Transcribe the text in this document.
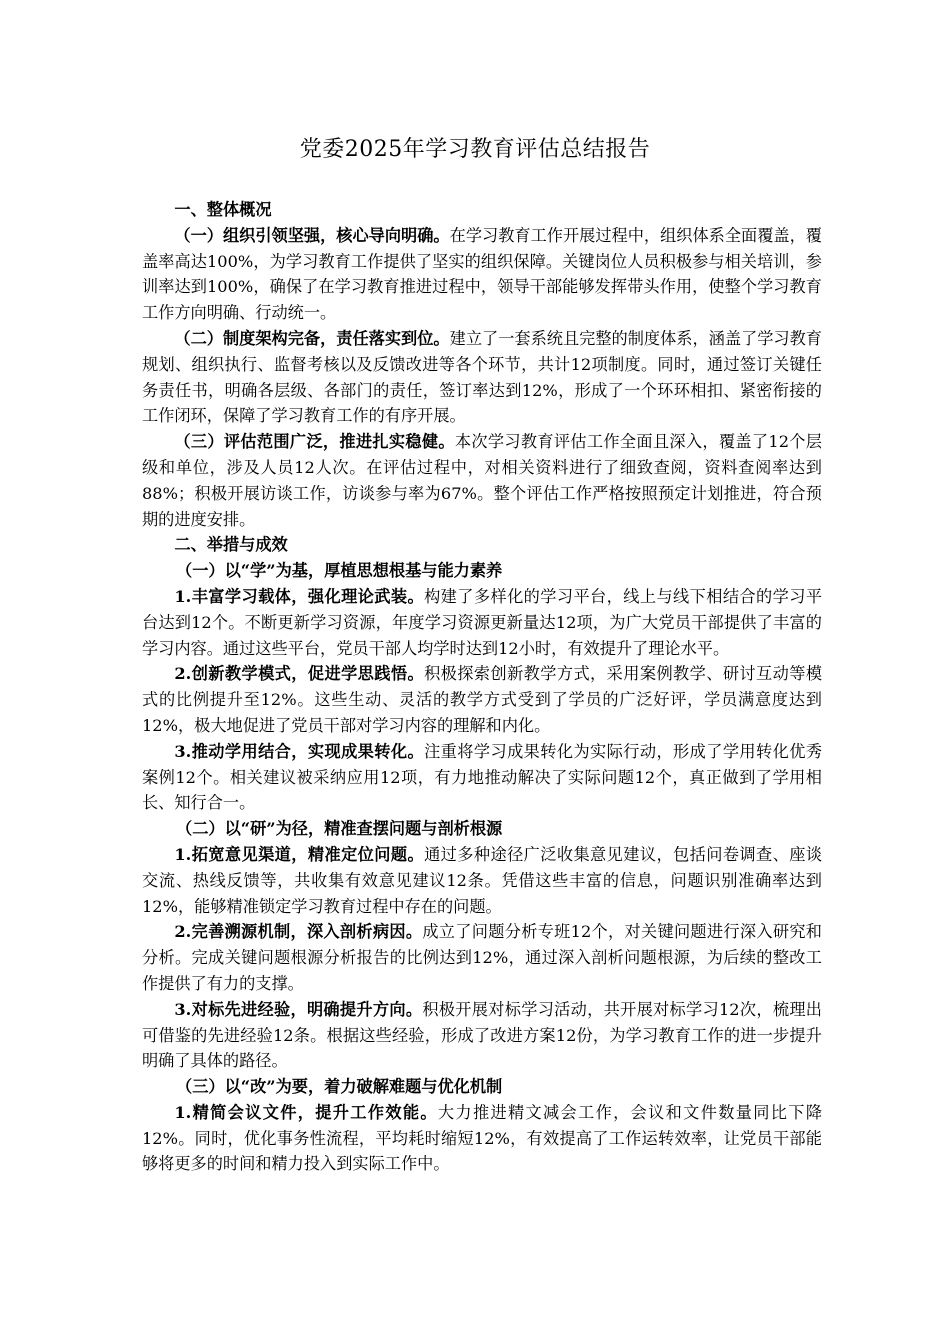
党委2025年学习教育评估总结报告

一、整体概况

（一）组织引领坚强，核心导向明确。在学习教育工作开展过程中，组织体系全面覆盖，覆盖率高达100%，为学习教育工作提供了坚实的组织保障。关键岗位人员积极参与相关培训，参训率达到100%，确保了在学习教育推进过程中，领导干部能够发挥带头作用，使整个学习教育工作方向明确、行动统一。

（二）制度架构完备，责任落实到位。建立了一套系统且完整的制度体系，涵盖了学习教育规划、组织执行、监督考核以及反馈改进等各个环节，共计12项制度。同时，通过签订关键任务责任书，明确各层级、各部门的责任，签订率达到12%，形成了一个环环相扣、紧密衔接的工作闭环，保障了学习教育工作的有序开展。

（三）评估范围广泛，推进扎实稳健。本次学习教育评估工作全面且深入，覆盖了12个层级和单位，涉及人员12人次。在评估过程中，对相关资料进行了细致查阅，资料查阅率达到88%；积极开展访谈工作，访谈参与率为67%。整个评估工作严格按照预定计划推进，符合预期的进度安排。

二、举措与成效

（一）以“学”为基，厚植思想根基与能力素养

1.丰富学习载体，强化理论武装。构建了多样化的学习平台，线上与线下相结合的学习平台达到12个。不断更新学习资源，年度学习资源更新量达12项，为广大党员干部提供了丰富的学习内容。通过这些平台，党员干部人均学时达到12小时，有效提升了理论水平。

2.创新教学模式，促进学思践悟。积极探索创新教学方式，采用案例教学、研讨互动等模式的比例提升至12%。这些生动、灵活的教学方式受到了学员的广泛好评，学员满意度达到12%，极大地促进了党员干部对学习内容的理解和内化。

3.推动学用结合，实现成果转化。注重将学习成果转化为实际行动，形成了学用转化优秀案例12个。相关建议被采纳应用12项，有力地推动解决了实际问题12个，真正做到了学用相长、知行合一。

（二）以“研”为径，精准查摆问题与剖析根源

1.拓宽意见渠道，精准定位问题。通过多种途径广泛收集意见建议，包括问卷调查、座谈交流、热线反馈等，共收集有效意见建议12条。凭借这些丰富的信息，问题识别准确率达到12%，能够精准锁定学习教育过程中存在的问题。

2.完善溯源机制，深入剖析病因。成立了问题分析专班12个，对关键问题进行深入研究和分析。完成关键问题根源分析报告的比例达到12%，通过深入剖析问题根源，为后续的整改工作提供了有力的支撑。

3.对标先进经验，明确提升方向。积极开展对标学习活动，共开展对标学习12次，梳理出可借鉴的先进经验12条。根据这些经验，形成了改进方案12份，为学习教育工作的进一步提升明确了具体的路径。

（三）以“改”为要，着力破解难题与优化机制

1.精简会议文件，提升工作效能。大力推进精文减会工作，会议和文件数量同比下降12%。同时，优化事务性流程，平均耗时缩短12%，有效提高了工作运转效率，让党员干部能够将更多的时间和精力投入到实际工作中。
